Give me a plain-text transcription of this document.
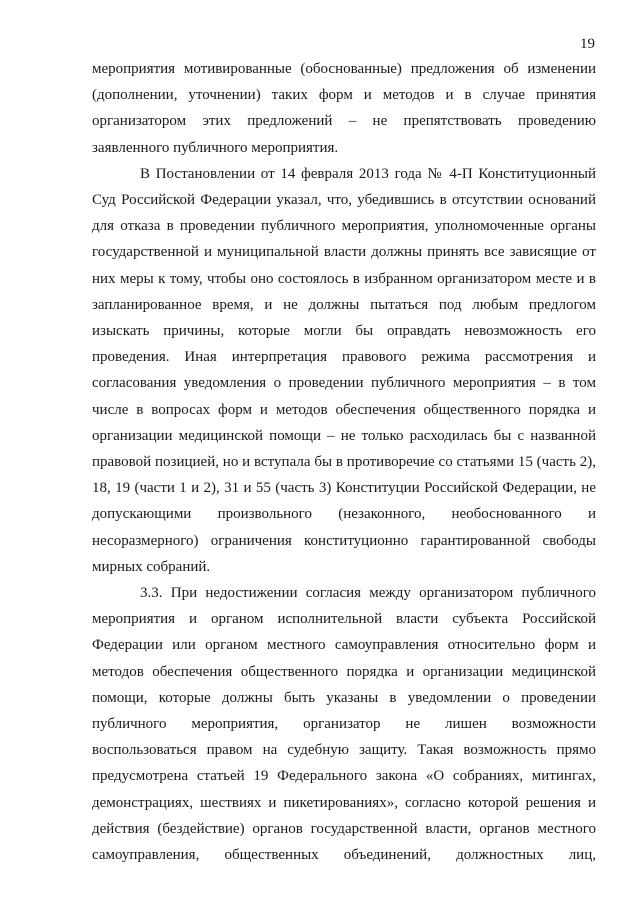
19

мероприятия мотивированные (обоснованные) предложения об изменении (дополнении, уточнении) таких форм и методов и в случае принятия организатором этих предложений – не препятствовать проведению заявленного публичного мероприятия.

В Постановлении от 14 февраля 2013 года № 4-П Конституционный Суд Российской Федерации указал, что, убедившись в отсутствии оснований для отказа в проведении публичного мероприятия, уполномоченные органы государственной и муниципальной власти должны принять все зависящие от них меры к тому, чтобы оно состоялось в избранном организатором месте и в запланированное время, и не должны пытаться под любым предлогом изыскать причины, которые могли бы оправдать невозможность его проведения. Иная интерпретация правового режима рассмотрения и согласования уведомления о проведении публичного мероприятия – в том числе в вопросах форм и методов обеспечения общественного порядка и организации медицинской помощи – не только расходилась бы с названной правовой позицией, но и вступала бы в противоречие со статьями 15 (часть 2), 18, 19 (части 1 и 2), 31 и 55 (часть 3) Конституции Российской Федерации, не допускающими произвольного (незаконного, необоснованного и несоразмерного) ограничения конституционно гарантированной свободы мирных собраний.

3.3. При недостижении согласия между организатором публичного мероприятия и органом исполнительной власти субъекта Российской Федерации или органом местного самоуправления относительно форм и методов обеспечения общественного порядка и организации медицинской помощи, которые должны быть указаны в уведомлении о проведении публичного мероприятия, организатор не лишен возможности воспользоваться правом на судебную защиту. Такая возможность прямо предусмотрена статьей 19 Федерального закона «О собраниях, митингах, демонстрациях, шествиях и пикетированиях», согласно которой решения и действия (бездействие) органов государственной власти, органов местного самоуправления, общественных объединений, должностных лиц,
